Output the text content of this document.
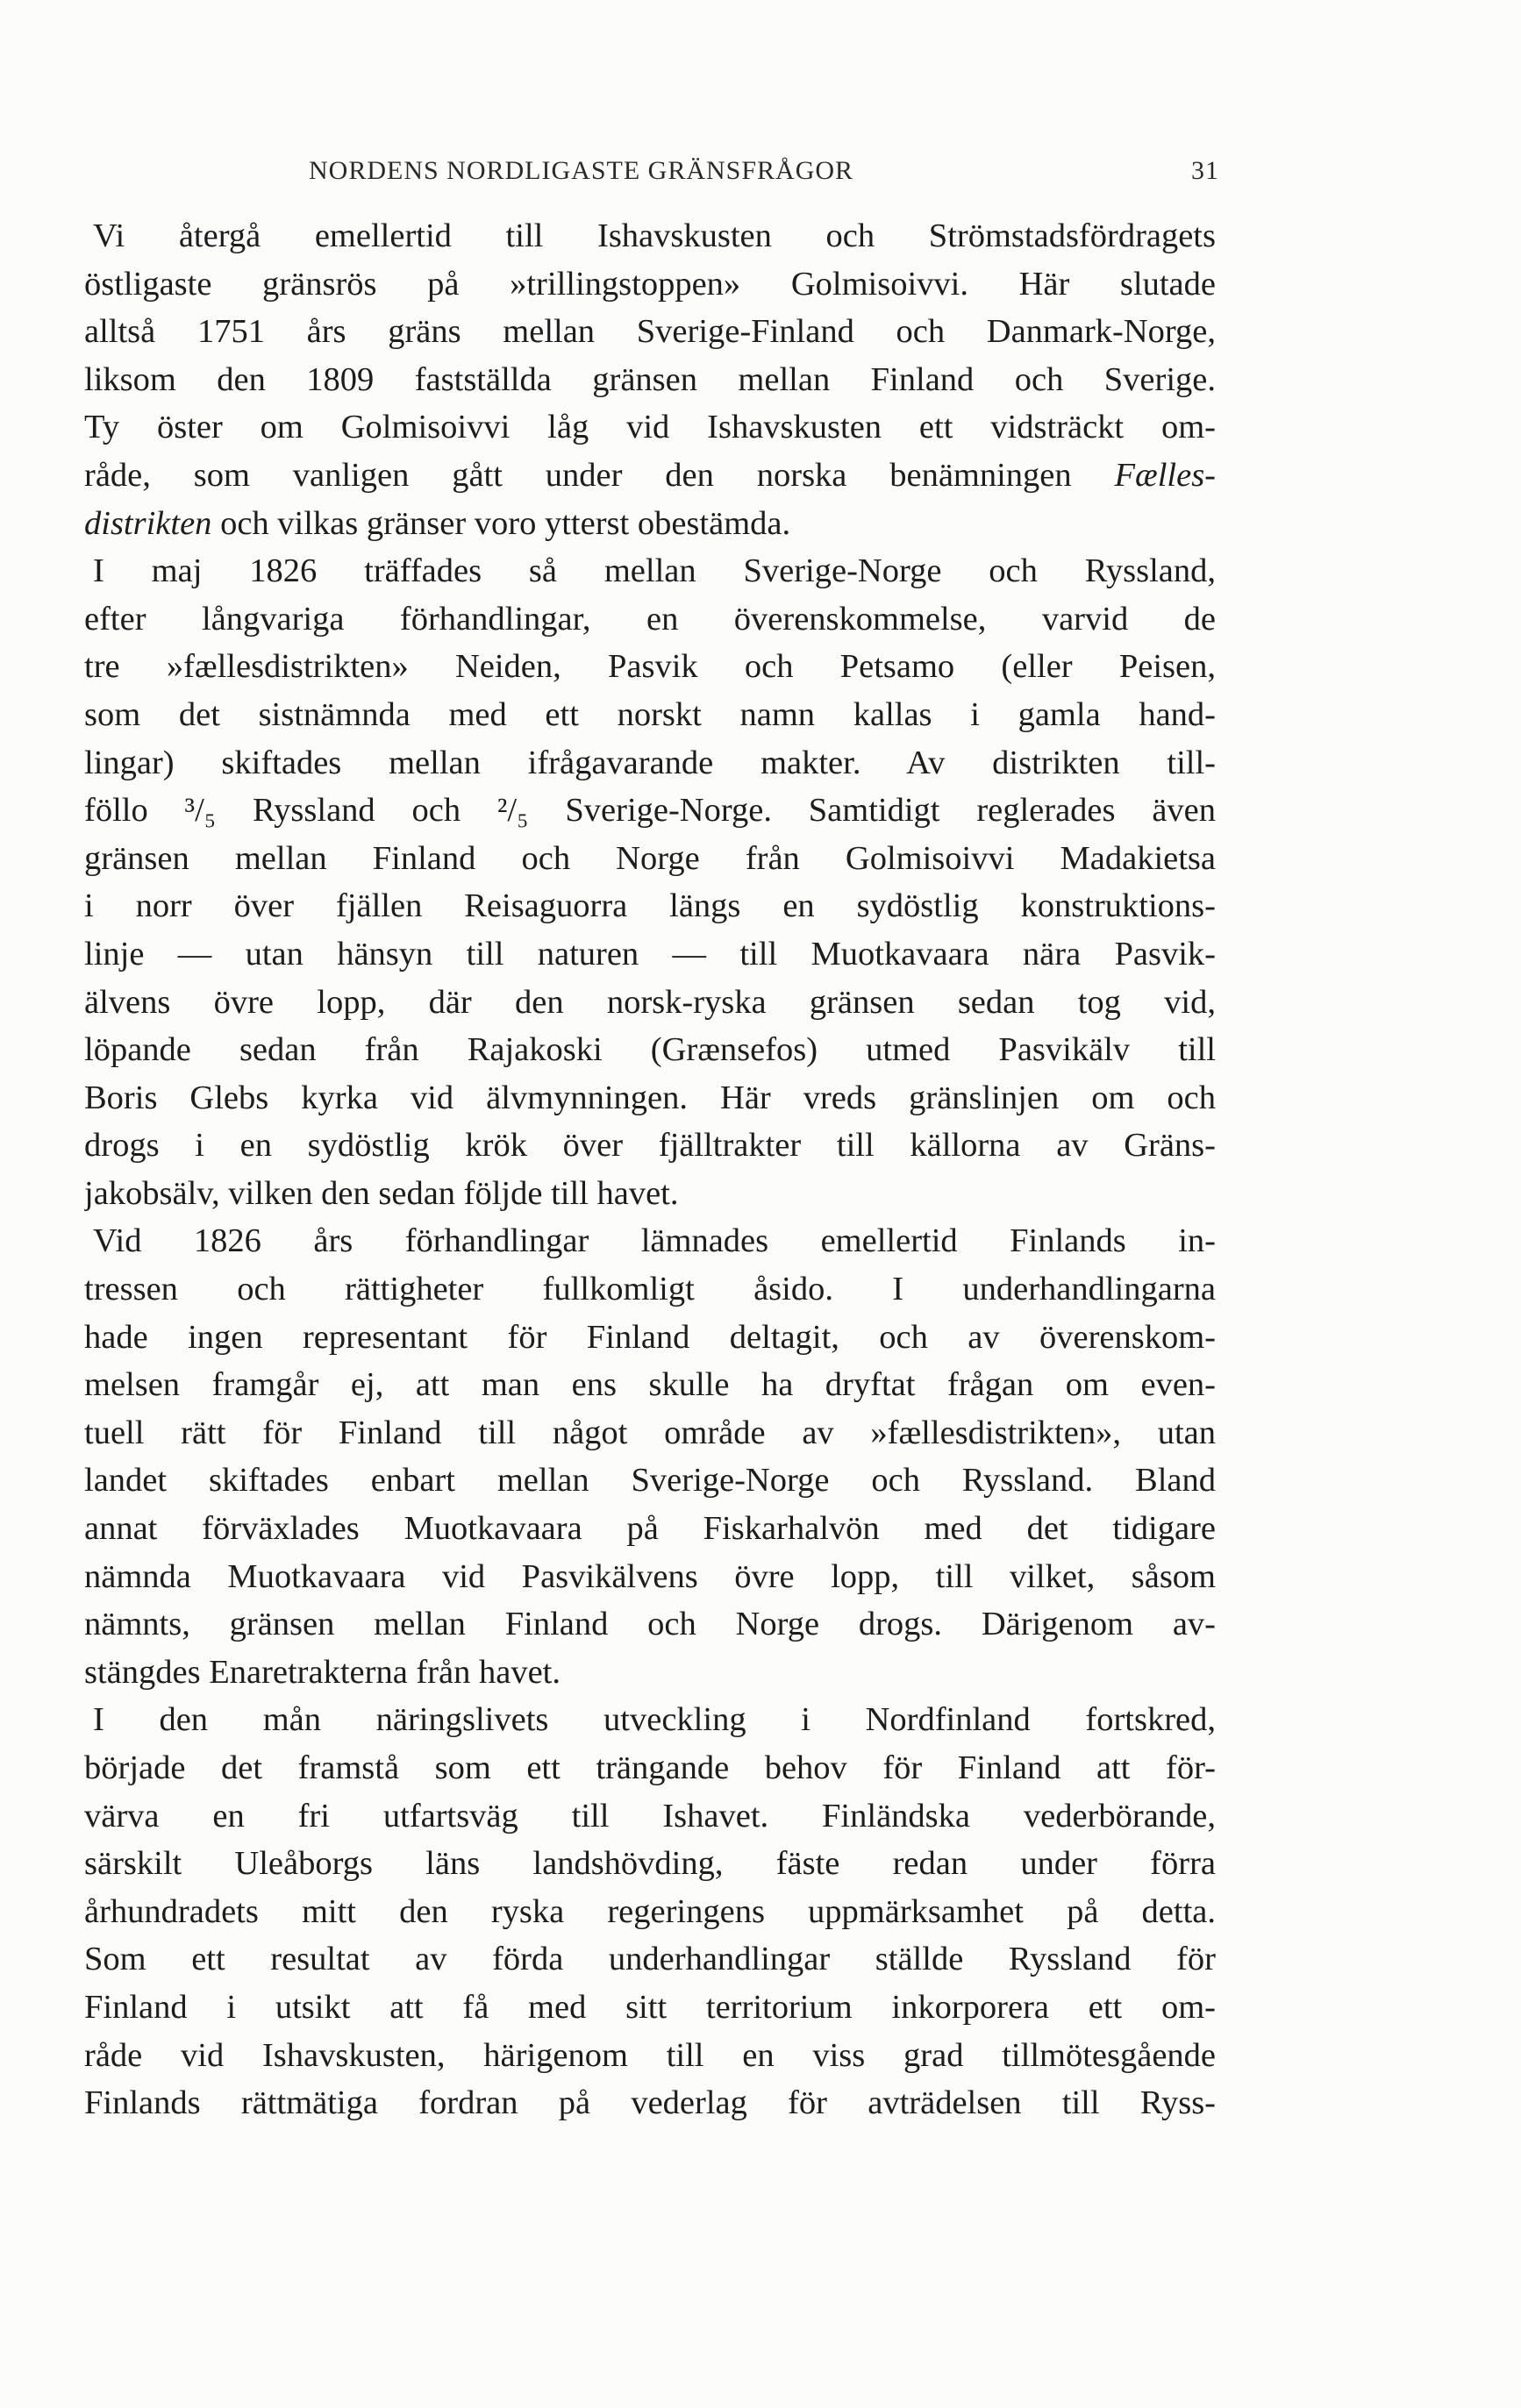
NORDENS NORDLIGASTE GRÄNSFRÅGOR	31
Vi återgå emellertid till Ishavskusten och Strömstadsfördragets
östligaste gränsrös på »trillingstoppen» Golmisoivvi. Här slutade
alltså 1751 års gräns mellan Sverige-Finland och Danmark-Norge,
liksom den 1809 fastställda gränsen mellan Finland och Sverige.
Ty öster om Golmisoivvi låg vid Ishavskusten ett vidsträckt om-
råde, som vanligen gått under den norska benämningen Fælles-
distrikten och vilkas gränser voro ytterst obestämda.
I maj 1826 träffades så mellan Sverige-Norge och Ryssland,
efter långvariga förhandlingar, en överenskommelse, varvid de
tre »fællesdistrikten» Neiden, Pasvik och Petsamo (eller Peisen,
som det sistnämnda med ett norskt namn kallas i gamla hand-
lingar) skiftades mellan ifrågavarande makter. Av distrikten till-
föllo ³/₅ Ryssland och ²/₅ Sverige-Norge. Samtidigt reglerades även
gränsen mellan Finland och Norge från Golmisoivvi Madakietsa
i norr över fjällen Reisaguorra längs en sydöstlig konstruktions-
linje — utan hänsyn till naturen — till Muotkavaara nära Pasvik-
älvens övre lopp, där den norsk-ryska gränsen sedan tog vid,
löpande sedan från Rajakoski (Grænsefos) utmed Pasvikälv till
Boris Glebs kyrka vid älvmynningen. Här vreds gränslinjen om och
drogs i en sydöstlig krök över fjälltrakter till källorna av Gräns-
jakobsälv, vilken den sedan följde till havet.
Vid 1826 års förhandlingar lämnades emellertid Finlands in-
tressen och rättigheter fullkomligt åsido. I underhandlingarna
hade ingen representant för Finland deltagit, och av överenskom-
melsen framgår ej, att man ens skulle ha dryftat frågan om even-
tuell rätt för Finland till något område av »fællesdistrikten», utan
landet skiftades enbart mellan Sverige-Norge och Ryssland. Bland
annat förväxlades Muotkavaara på Fiskarhalvön med det tidigare
nämnda Muotkavaara vid Pasvikälvens övre lopp, till vilket, såsom
nämnts, gränsen mellan Finland och Norge drogs. Därigenom av-
stängdes Enaretrakterna från havet.
I den mån näringslivets utveckling i Nordfinland fortskred,
började det framstå som ett trängande behov för Finland att för-
värva en fri utfartsväg till Ishavet. Finländska vederbörande,
särskilt Uleåborgs läns landshövding, fäste redan under förra
århundradets mitt den ryska regeringens uppmärksamhet på detta.
Som ett resultat av förda underhandlingar ställde Ryssland för
Finland i utsikt att få med sitt territorium inkorporera ett om-
råde vid Ishavskusten, härigenom till en viss grad tillmötesgående
Finlands rättmätiga fordran på vederlag för avträdelsen till Ryss-
